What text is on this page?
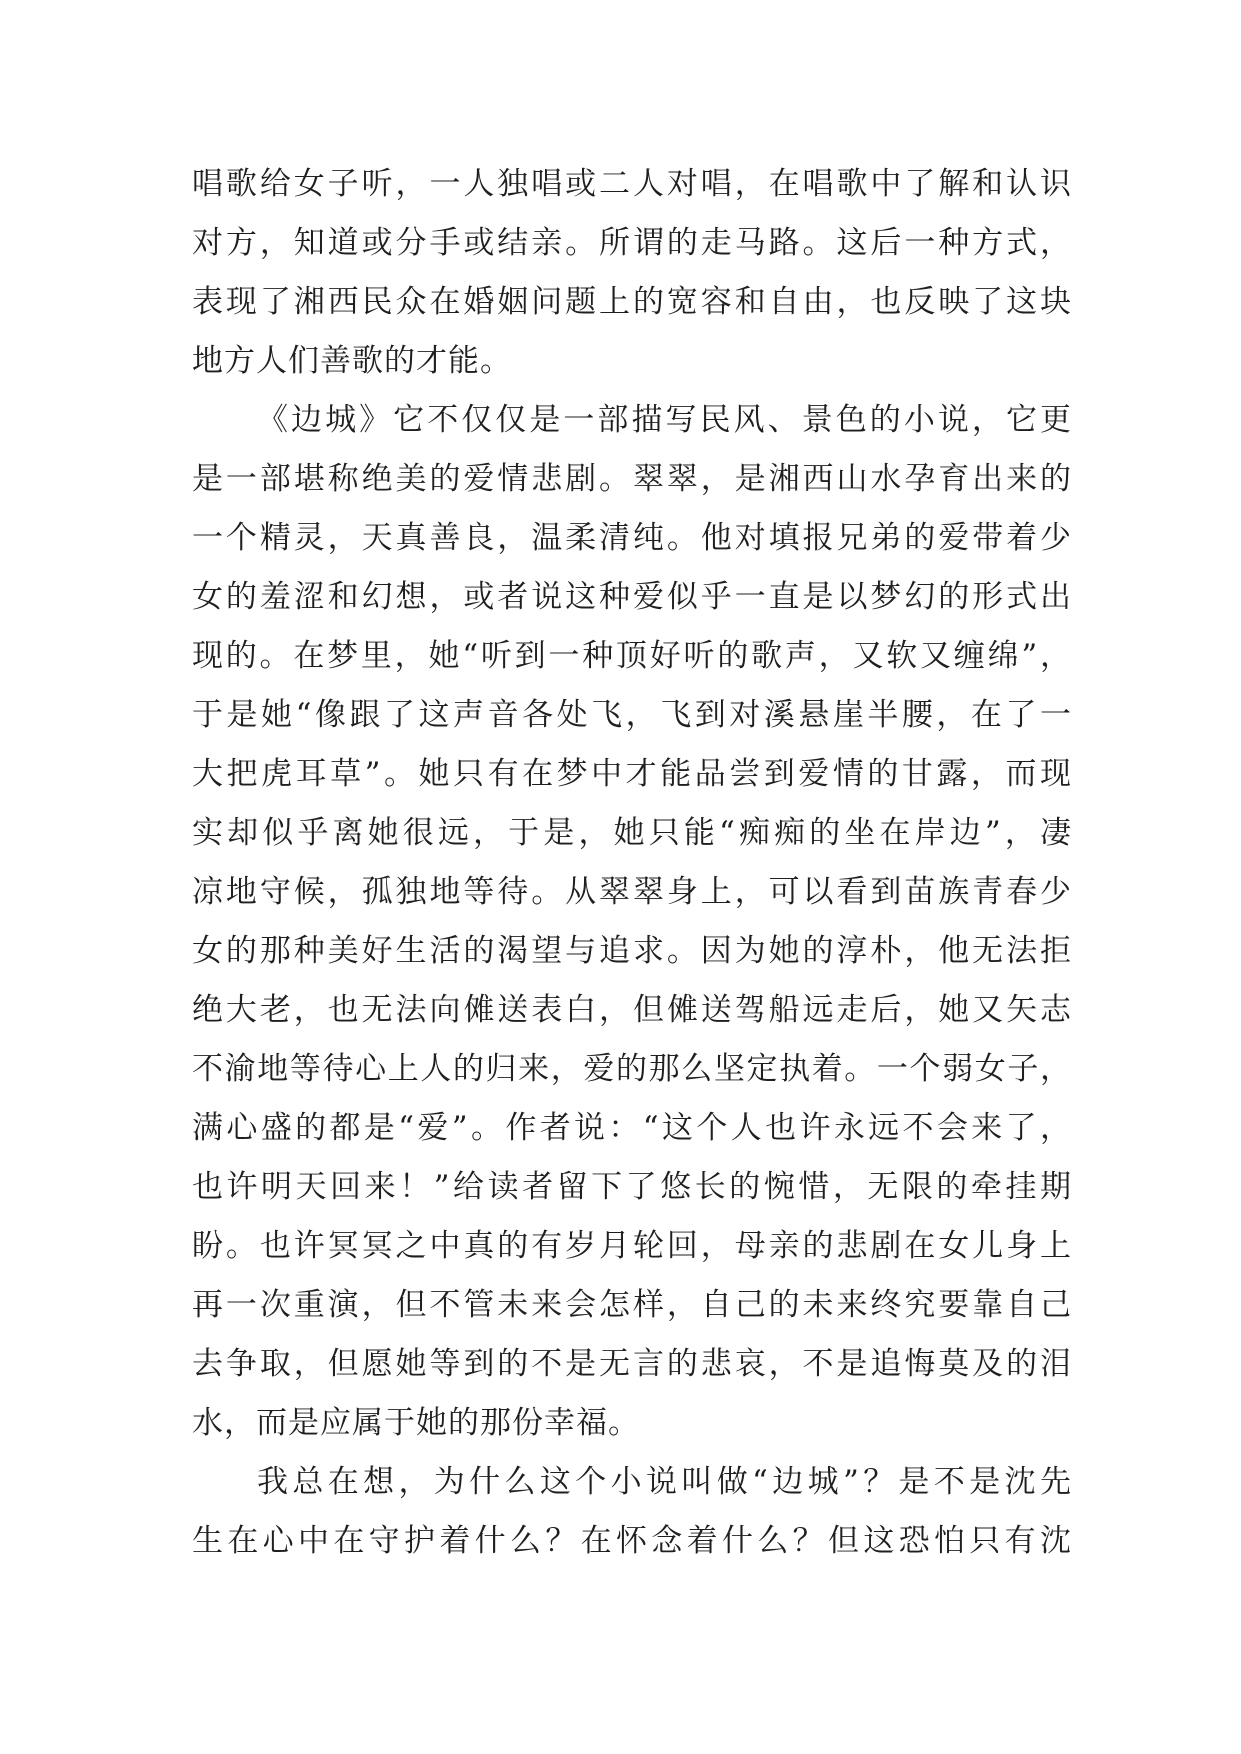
唱歌给女子听，一人独唱或二人对唱，在唱歌中了解和认识
对方，知道或分手或结亲。所谓的走马路。这后一种方式，
表现了湘西民众在婚姻问题上的宽容和自由，也反映了这块
地方人们善歌的才能。
《边城》它不仅仅是一部描写民风、景色的小说，它更
是一部堪称绝美的爱情悲剧。翠翠，是湘西山水孕育出来的
一个精灵，天真善良，温柔清纯。他对填报兄弟的爱带着少
女的羞涩和幻想，或者说这种爱似乎一直是以梦幻的形式出
现的。在梦里，她“听到一种顶好听的歌声，又软又缠绵”，
于是她“像跟了这声音各处飞，飞到对溪悬崖半腰，在了一
大把虎耳草”。她只有在梦中才能品尝到爱情的甘露，而现
实却似乎离她很远，于是，她只能“痴痴的坐在岸边”，凄
凉地守候，孤独地等待。从翠翠身上，可以看到苗族青春少
女的那种美好生活的渴望与追求。因为她的淳朴，他无法拒
绝大老，也无法向傩送表白，但傩送驾船远走后，她又矢志
不渝地等待心上人的归来，爱的那么坚定执着。一个弱女子，
满心盛的都是“爱”。作者说：“这个人也许永远不会来了，
也许明天回来！”给读者留下了悠长的惋惜，无限的牵挂期
盼。也许冥冥之中真的有岁月轮回，母亲的悲剧在女儿身上
再一次重演，但不管未来会怎样，自己的未来终究要靠自己
去争取，但愿她等到的不是无言的悲哀，不是追悔莫及的泪
水，而是应属于她的那份幸福。
我总在想，为什么这个小说叫做“边城”？是不是沈先
生在心中在守护着什么？在怀念着什么？但这恐怕只有沈
